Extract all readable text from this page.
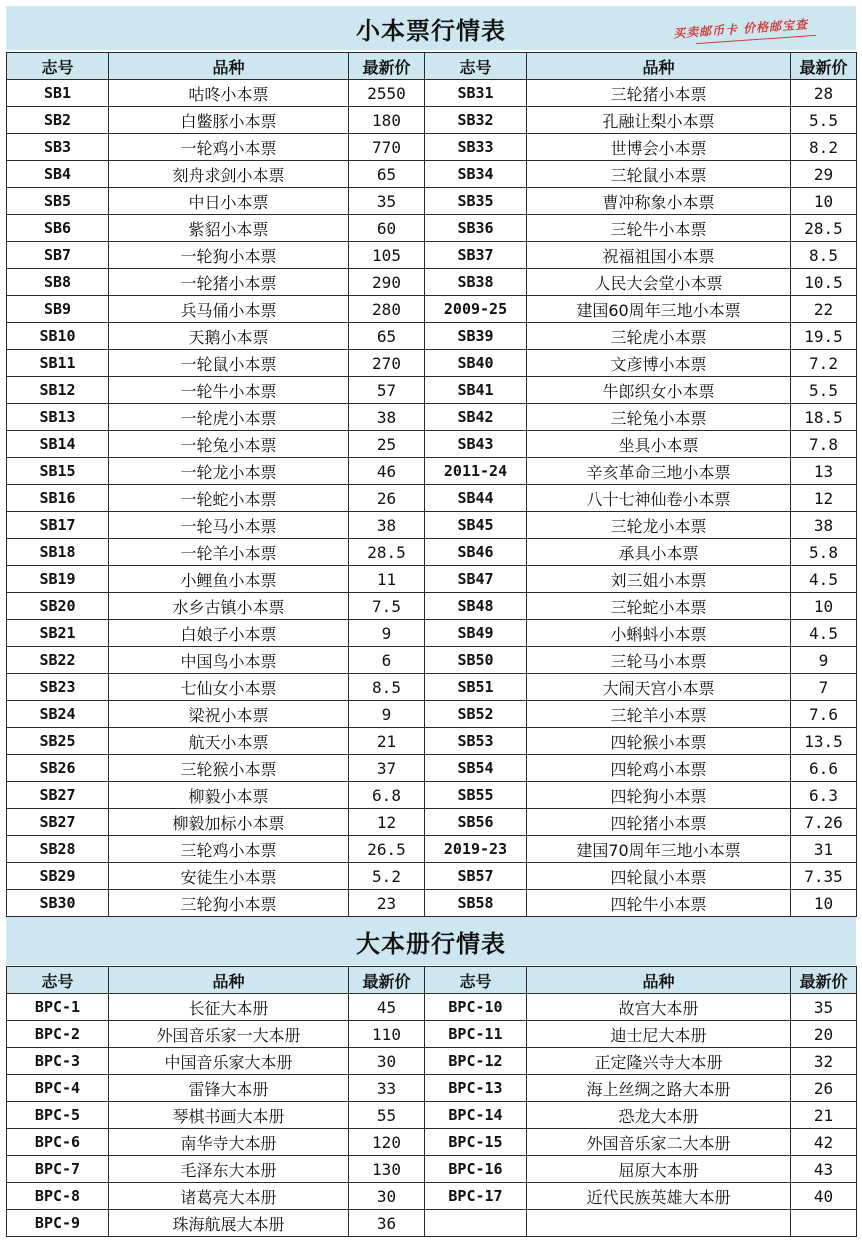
小本票行情表	买卖邮币卡 价格邮宝查
志号	品种	最新价	志号	品种	最新价
SB1	咕咚小本票	2550	SB31	三轮猪小本票	28
SB2	白鳖豚小本票	180	SB32	孔融让梨小本票	5.5
SB3	一轮鸡小本票	770	SB33	世博会小本票	8.2
SB4	刻舟求剑小本票	65	SB34	三轮鼠小本票	29
SB5	中日小本票	35	SB35	曹冲称象小本票	10
SB6	紫貂小本票	60	SB36	三轮牛小本票	28.5
SB7	一轮狗小本票	105	SB37	祝福祖国小本票	8.5
SB8	一轮猪小本票	290	SB38	人民大会堂小本票	10.5
SB9	兵马俑小本票	280	2009-25	建国60周年三地小本票	22
SB10	天鹅小本票	65	SB39	三轮虎小本票	19.5
SB11	一轮鼠小本票	270	SB40	文彦博小本票	7.2
SB12	一轮牛小本票	57	SB41	牛郎织女小本票	5.5
SB13	一轮虎小本票	38	SB42	三轮兔小本票	18.5
SB14	一轮兔小本票	25	SB43	坐具小本票	7.8
SB15	一轮龙小本票	46	2011-24	辛亥革命三地小本票	13
SB16	一轮蛇小本票	26	SB44	八十七神仙卷小本票	12
SB17	一轮马小本票	38	SB45	三轮龙小本票	38
SB18	一轮羊小本票	28.5	SB46	承具小本票	5.8
SB19	小鲤鱼小本票	11	SB47	刘三姐小本票	4.5
SB20	水乡古镇小本票	7.5	SB48	三轮蛇小本票	10
SB21	白娘子小本票	9	SB49	小蝌蚪小本票	4.5
SB22	中国鸟小本票	6	SB50	三轮马小本票	9
SB23	七仙女小本票	8.5	SB51	大闹天宫小本票	7
SB24	梁祝小本票	9	SB52	三轮羊小本票	7.6
SB25	航天小本票	21	SB53	四轮猴小本票	13.5
SB26	三轮猴小本票	37	SB54	四轮鸡小本票	6.6
SB27	柳毅小本票	6.8	SB55	四轮狗小本票	6.3
SB27	柳毅加标小本票	12	SB56	四轮猪小本票	7.26
SB28	三轮鸡小本票	26.5	2019-23	建国70周年三地小本票	31
SB29	安徒生小本票	5.2	SB57	四轮鼠小本票	7.35
SB30	三轮狗小本票	23	SB58	四轮牛小本票	10
大本册行情表
志号	品种	最新价	志号	品种	最新价
BPC-1	长征大本册	45	BPC-10	故宫大本册	35
BPC-2	外国音乐家一大本册	110	BPC-11	迪士尼大本册	20
BPC-3	中国音乐家大本册	30	BPC-12	正定隆兴寺大本册	32
BPC-4	雷锋大本册	33	BPC-13	海上丝绸之路大本册	26
BPC-5	琴棋书画大本册	55	BPC-14	恐龙大本册	21
BPC-6	南华寺大本册	120	BPC-15	外国音乐家二大本册	42
BPC-7	毛泽东大本册	130	BPC-16	屈原大本册	43
BPC-8	诸葛亮大本册	30	BPC-17	近代民族英雄大本册	40
BPC-9	珠海航展大本册	36			
